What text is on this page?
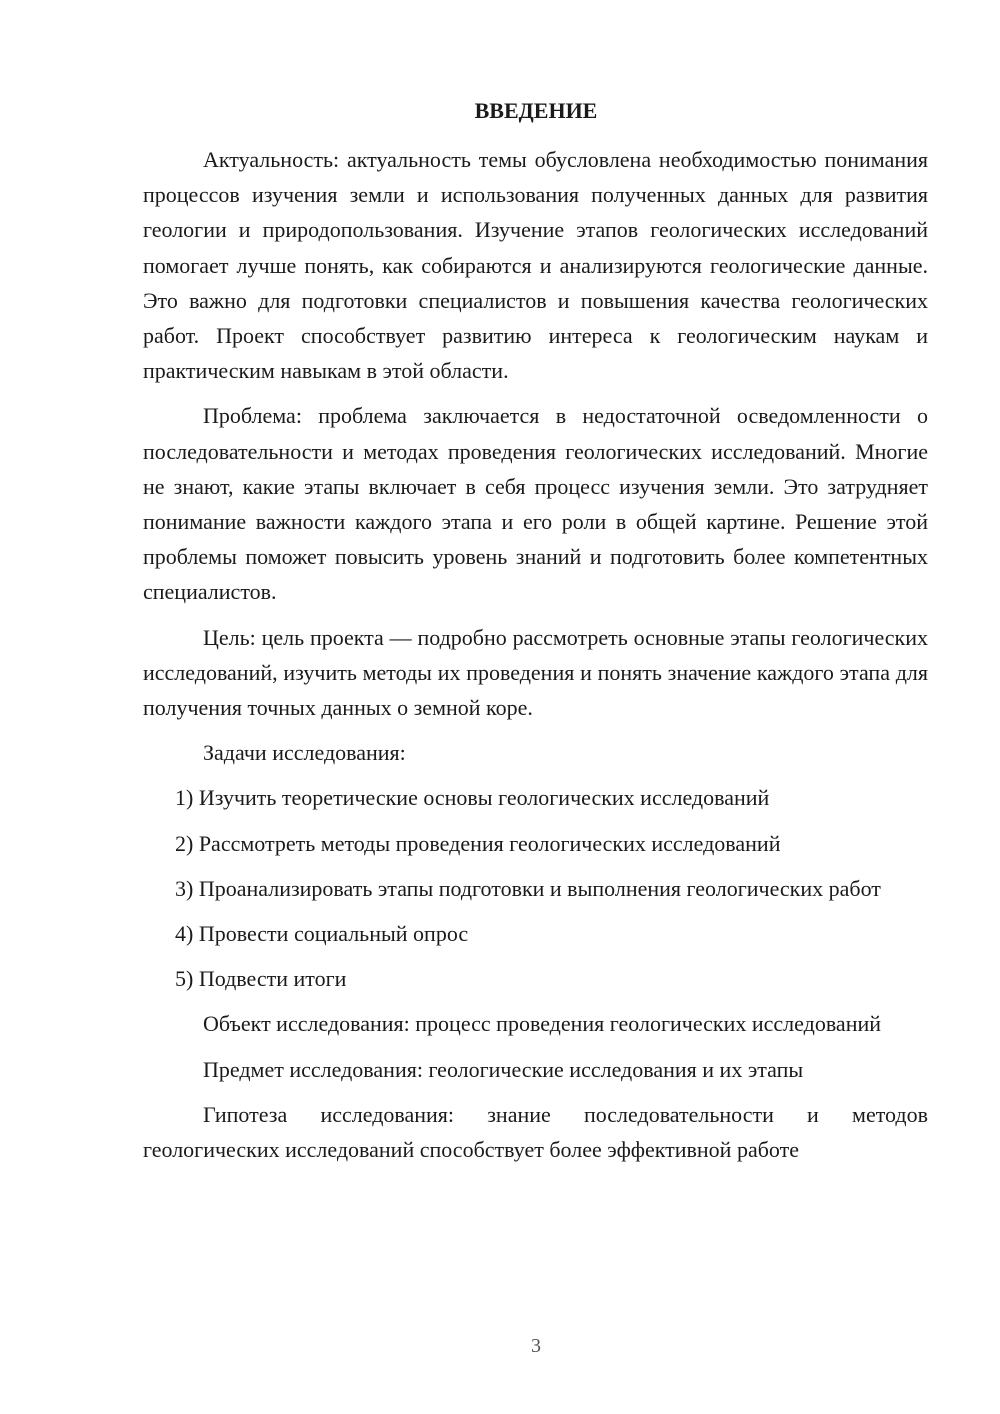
ВВЕДЕНИЕ

Актуальность: актуальность темы обусловлена необходимостью понимания процессов изучения земли и использования полученных данных для развития геологии и природопользования. Изучение этапов геологических исследований помогает лучше понять, как собираются и анализируются геологические данные. Это важно для подготовки специалистов и повышения качества геологических работ. Проект способствует развитию интереса к геологическим наукам и практическим навыкам в этой области.

Проблема: проблема заключается в недостаточной осведомленности о последовательности и методах проведения геологических исследований. Многие не знают, какие этапы включает в себя процесс изучения земли. Это затрудняет понимание важности каждого этапа и его роли в общей картине. Решение этой проблемы поможет повысить уровень знаний и подготовить более компетентных специалистов.

Цель: цель проекта — подробно рассмотреть основные этапы геологических исследований, изучить методы их проведения и понять значение каждого этапа для получения точных данных о земной коре.

Задачи исследования:

1) Изучить теоретические основы геологических исследований

2) Рассмотреть методы проведения геологических исследований

3) Проанализировать этапы подготовки и выполнения геологических работ

4) Провести социальный опрос

5) Подвести итоги

Объект исследования: процесс проведения геологических исследований

Предмет исследования: геологические исследования и их этапы

Гипотеза исследования: знание последовательности и методов геологических исследований способствует более эффективной работе

3
